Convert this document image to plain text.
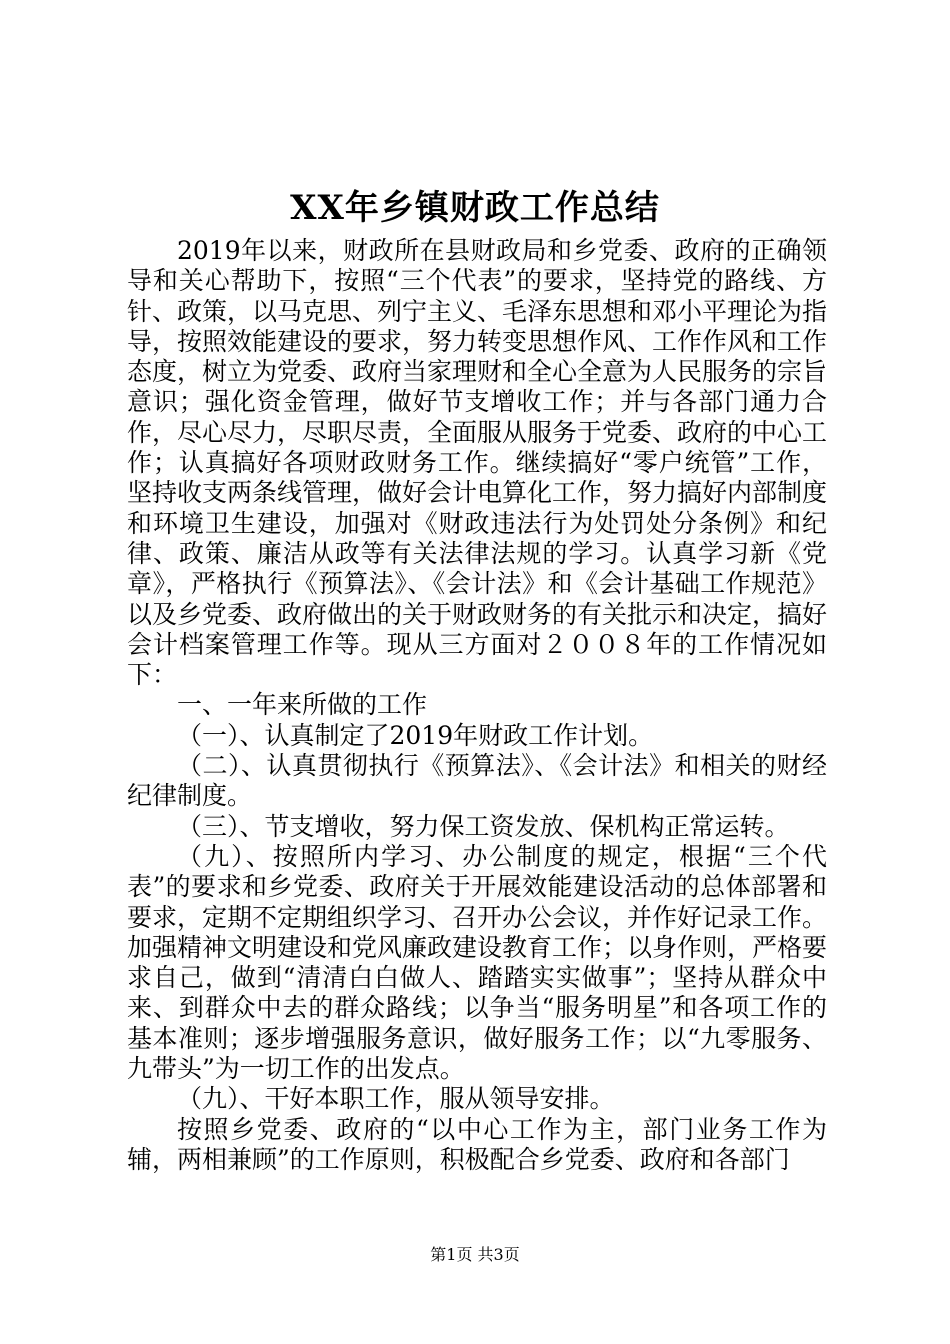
XX年乡镇财政工作总结

2019年以来，财政所在县财政局和乡党委、政府的正确领导和关心帮助下，按照“三个代表”的要求，坚持党的路线、方针、政策，以马克思、列宁主义、毛泽东思想和邓小平理论为指导，按照效能建设的要求，努力转变思想作风、工作作风和工作态度，树立为党委、政府当家理财和全心全意为人民服务的宗旨意识；强化资金管理，做好节支增收工作；并与各部门通力合作，尽心尽力，尽职尽责，全面服从服务于党委、政府的中心工作；认真搞好各项财政财务工作。继续搞好“零户统管”工作，坚持收支两条线管理，做好会计电算化工作，努力搞好内部制度和环境卫生建设，加强对《财政违法行为处罚处分条例》和纪律、政策、廉洁从政等有关法律法规的学习。认真学习新《党章》，严格执行《预算法》、《会计法》和《会计基础工作规范》以及乡党委、政府做出的关于财政财务的有关批示和决定，搞好会计档案管理工作等。现从三方面对２００８年的工作情况如下：

一、一年来所做的工作

（一）、认真制定了2019年财政工作计划。

（二）、认真贯彻执行《预算法》、《会计法》和相关的财经纪律制度。

（三）、节支增收，努力保工资发放、保机构正常运转。

（九）、按照所内学习、办公制度的规定，根据“三个代表”的要求和乡党委、政府关于开展效能建设活动的总体部署和要求，定期不定期组织学习、召开办公会议，并作好记录工作。加强精神文明建设和党风廉政建设教育工作；以身作则，严格要求自己，做到“清清白白做人、踏踏实实做事”；坚持从群众中来、到群众中去的群众路线；以争当“服务明星”和各项工作的基本准则；逐步增强服务意识，做好服务工作；以“九零服务、九带头”为一切工作的出发点。

（九）、干好本职工作，服从领导安排。

按照乡党委、政府的“以中心工作为主，部门业务工作为辅，两相兼顾”的工作原则，积极配合乡党委、政府和各部门

第1页 共3页
